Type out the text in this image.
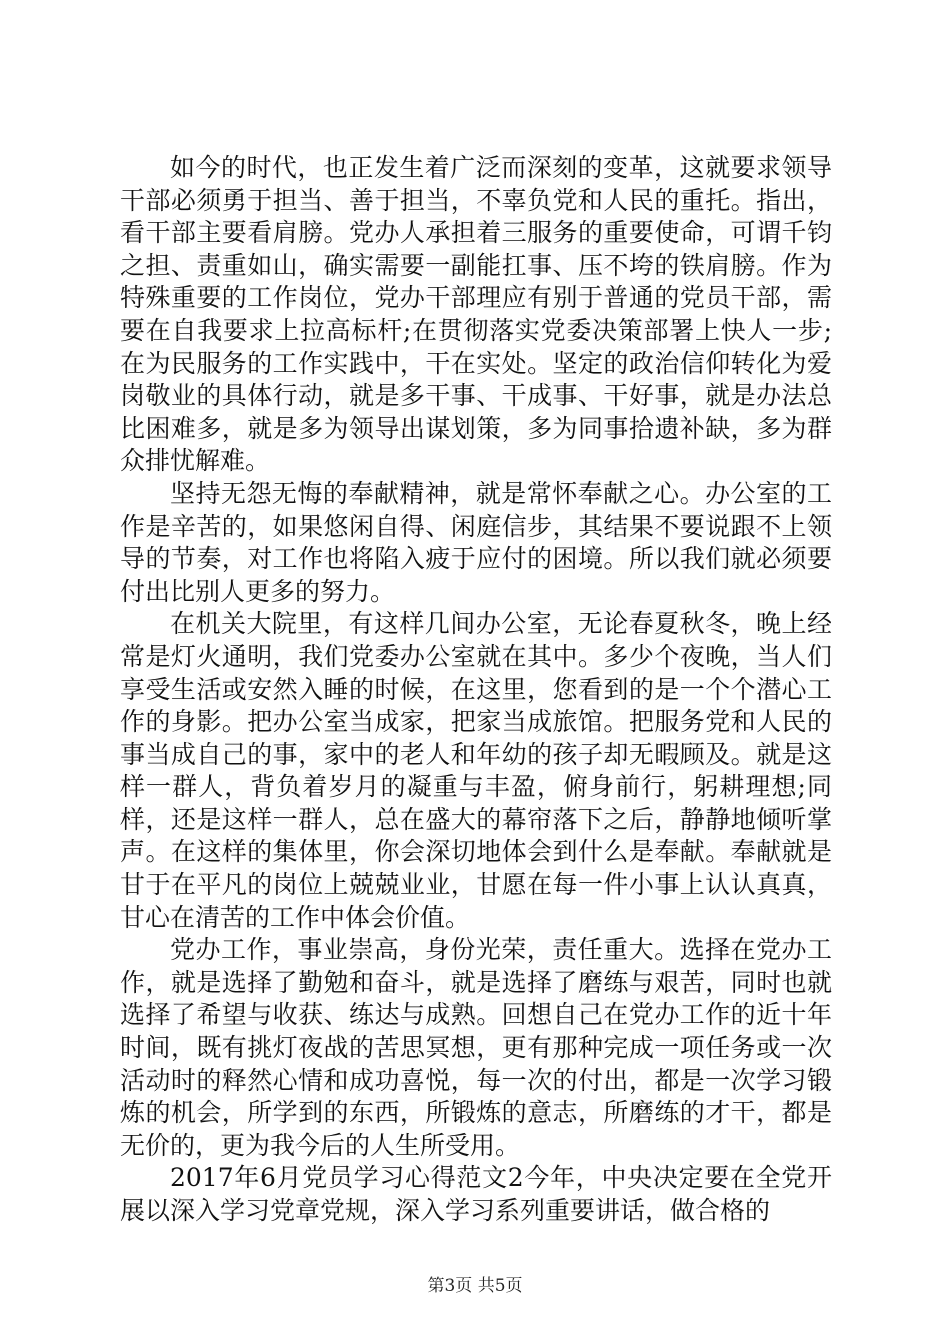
如今的时代，也正发生着广泛而深刻的变革，这就要求领导干部必须勇于担当、善于担当，不辜负党和人民的重托。指出，看干部主要看肩膀。党办人承担着三服务的重要使命，可谓千钧之担、责重如山，确实需要一副能扛事、压不垮的铁肩膀。作为特殊重要的工作岗位，党办干部理应有别于普通的党员干部，需要在自我要求上拉高标杆;在贯彻落实党委决策部署上快人一步;在为民服务的工作实践中，干在实处。坚定的政治信仰转化为爱岗敬业的具体行动，就是多干事、干成事、干好事，就是办法总比困难多，就是多为领导出谋划策，多为同事拾遗补缺，多为群众排忧解难。

坚持无怨无悔的奉献精神，就是常怀奉献之心。办公室的工作是辛苦的，如果悠闲自得、闲庭信步，其结果不要说跟不上领导的节奏，对工作也将陷入疲于应付的困境。所以我们就必须要付出比别人更多的努力。

在机关大院里，有这样几间办公室，无论春夏秋冬，晚上经常是灯火通明，我们党委办公室就在其中。多少个夜晚，当人们享受生活或安然入睡的时候，在这里，您看到的是一个个潜心工作的身影。把办公室当成家，把家当成旅馆。把服务党和人民的事当成自己的事，家中的老人和年幼的孩子却无暇顾及。就是这样一群人，背负着岁月的凝重与丰盈，俯身前行，躬耕理想;同样，还是这样一群人，总在盛大的幕帘落下之后，静静地倾听掌声。在这样的集体里，你会深切地体会到什么是奉献。奉献就是甘于在平凡的岗位上兢兢业业，甘愿在每一件小事上认认真真，甘心在清苦的工作中体会价值。

党办工作，事业崇高，身份光荣，责任重大。选择在党办工作，就是选择了勤勉和奋斗，就是选择了磨练与艰苦，同时也就选择了希望与收获、练达与成熟。回想自己在党办工作的近十年时间，既有挑灯夜战的苦思冥想，更有那种完成一项任务或一次活动时的释然心情和成功喜悦，每一次的付出，都是一次学习锻炼的机会，所学到的东西，所锻炼的意志，所磨练的才干，都是无价的，更为我今后的人生所受用。

2017年6月党员学习心得范文2今年，中央决定要在全党开展以深入学习党章党规，深入学习系列重要讲话，做合格的

第3页 共5页
